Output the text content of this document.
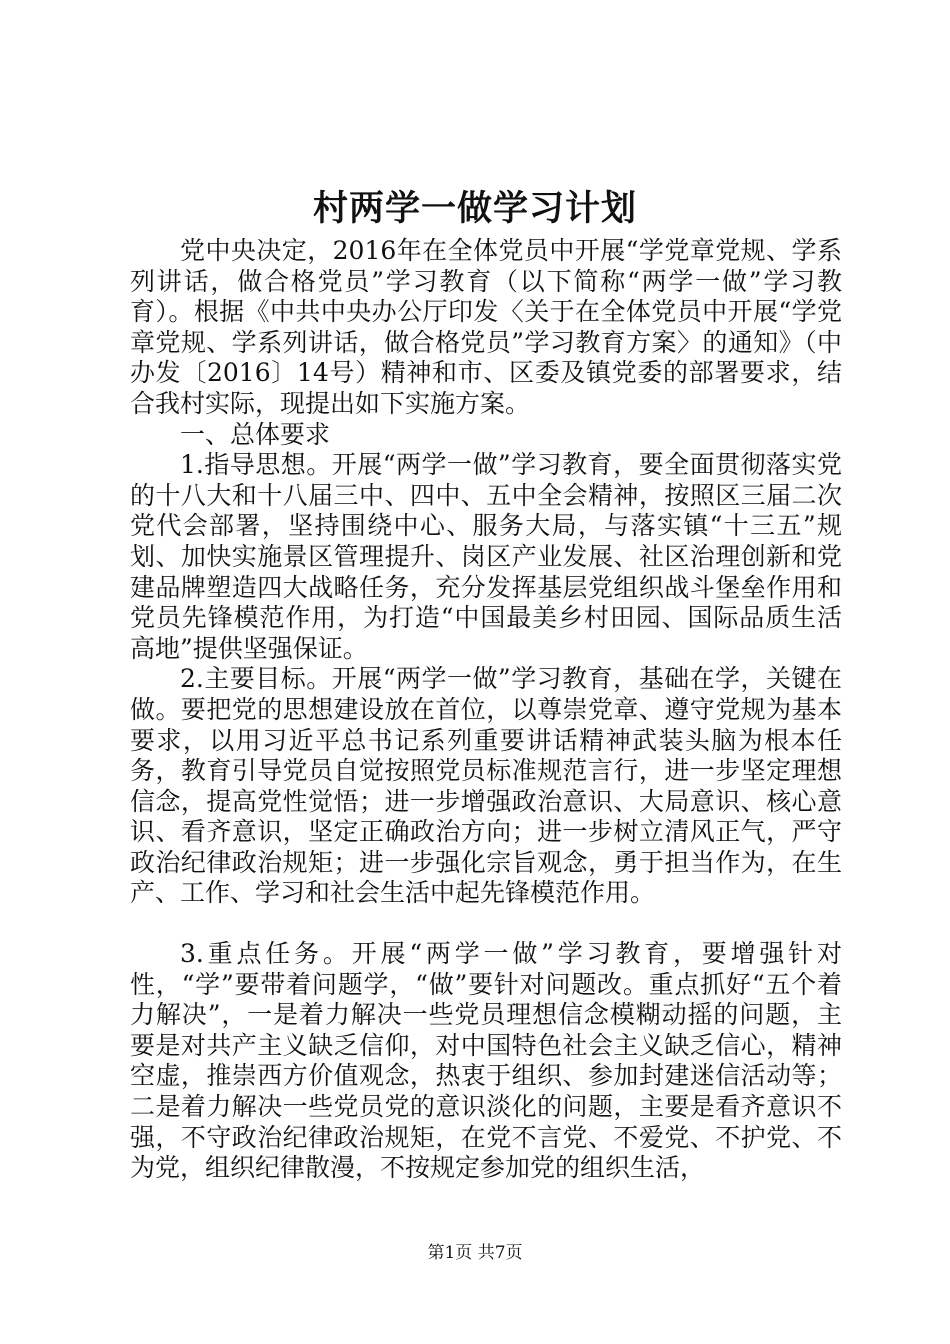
村两学一做学习计划

党中央决定，2016年在全体党员中开展“学党章党规、学系列讲话，做合格党员”学习教育（以下简称“两学一做”学习教育）。根据《中共中央办公厅印发〈关于在全体党员中开展“学党章党规、学系列讲话，做合格党员”学习教育方案〉的通知》（中办发〔2016〕14号）精神和市、区委及镇党委的部署要求，结合我村实际，现提出如下实施方案。

一、总体要求

1.指导思想。开展“两学一做”学习教育，要全面贯彻落实党的十八大和十八届三中、四中、五中全会精神，按照区三届二次党代会部署，坚持围绕中心、服务大局，与落实镇“十三五”规划、加快实施景区管理提升、岗区产业发展、社区治理创新和党建品牌塑造四大战略任务，充分发挥基层党组织战斗堡垒作用和党员先锋模范作用，为打造“中国最美乡村田园、国际品质生活高地”提供坚强保证。

2.主要目标。开展“两学一做”学习教育，基础在学，关键在做。要把党的思想建设放在首位，以尊崇党章、遵守党规为基本要求，以用习近平总书记系列重要讲话精神武装头脑为根本任务，教育引导党员自觉按照党员标准规范言行，进一步坚定理想信念，提高党性觉悟；进一步增强政治意识、大局意识、核心意识、看齐意识，坚定正确政治方向；进一步树立清风正气，严守政治纪律政治规矩；进一步强化宗旨观念，勇于担当作为，在生产、工作、学习和社会生活中起先锋模范作用。

3.重点任务。开展“两学一做”学习教育，要增强针对性，“学”要带着问题学，“做”要针对问题改。重点抓好“五个着力解决”，一是着力解决一些党员理想信念模糊动摇的问题，主要是对共产主义缺乏信仰，对中国特色社会主义缺乏信心，精神空虚，推崇西方价值观念，热衷于组织、参加封建迷信活动等；二是着力解决一些党员党的意识淡化的问题，主要是看齐意识不强，不守政治纪律政治规矩，在党不言党、不爱党、不护党、不为党，组织纪律散漫，不按规定参加党的组织生活，

第1页 共7页
